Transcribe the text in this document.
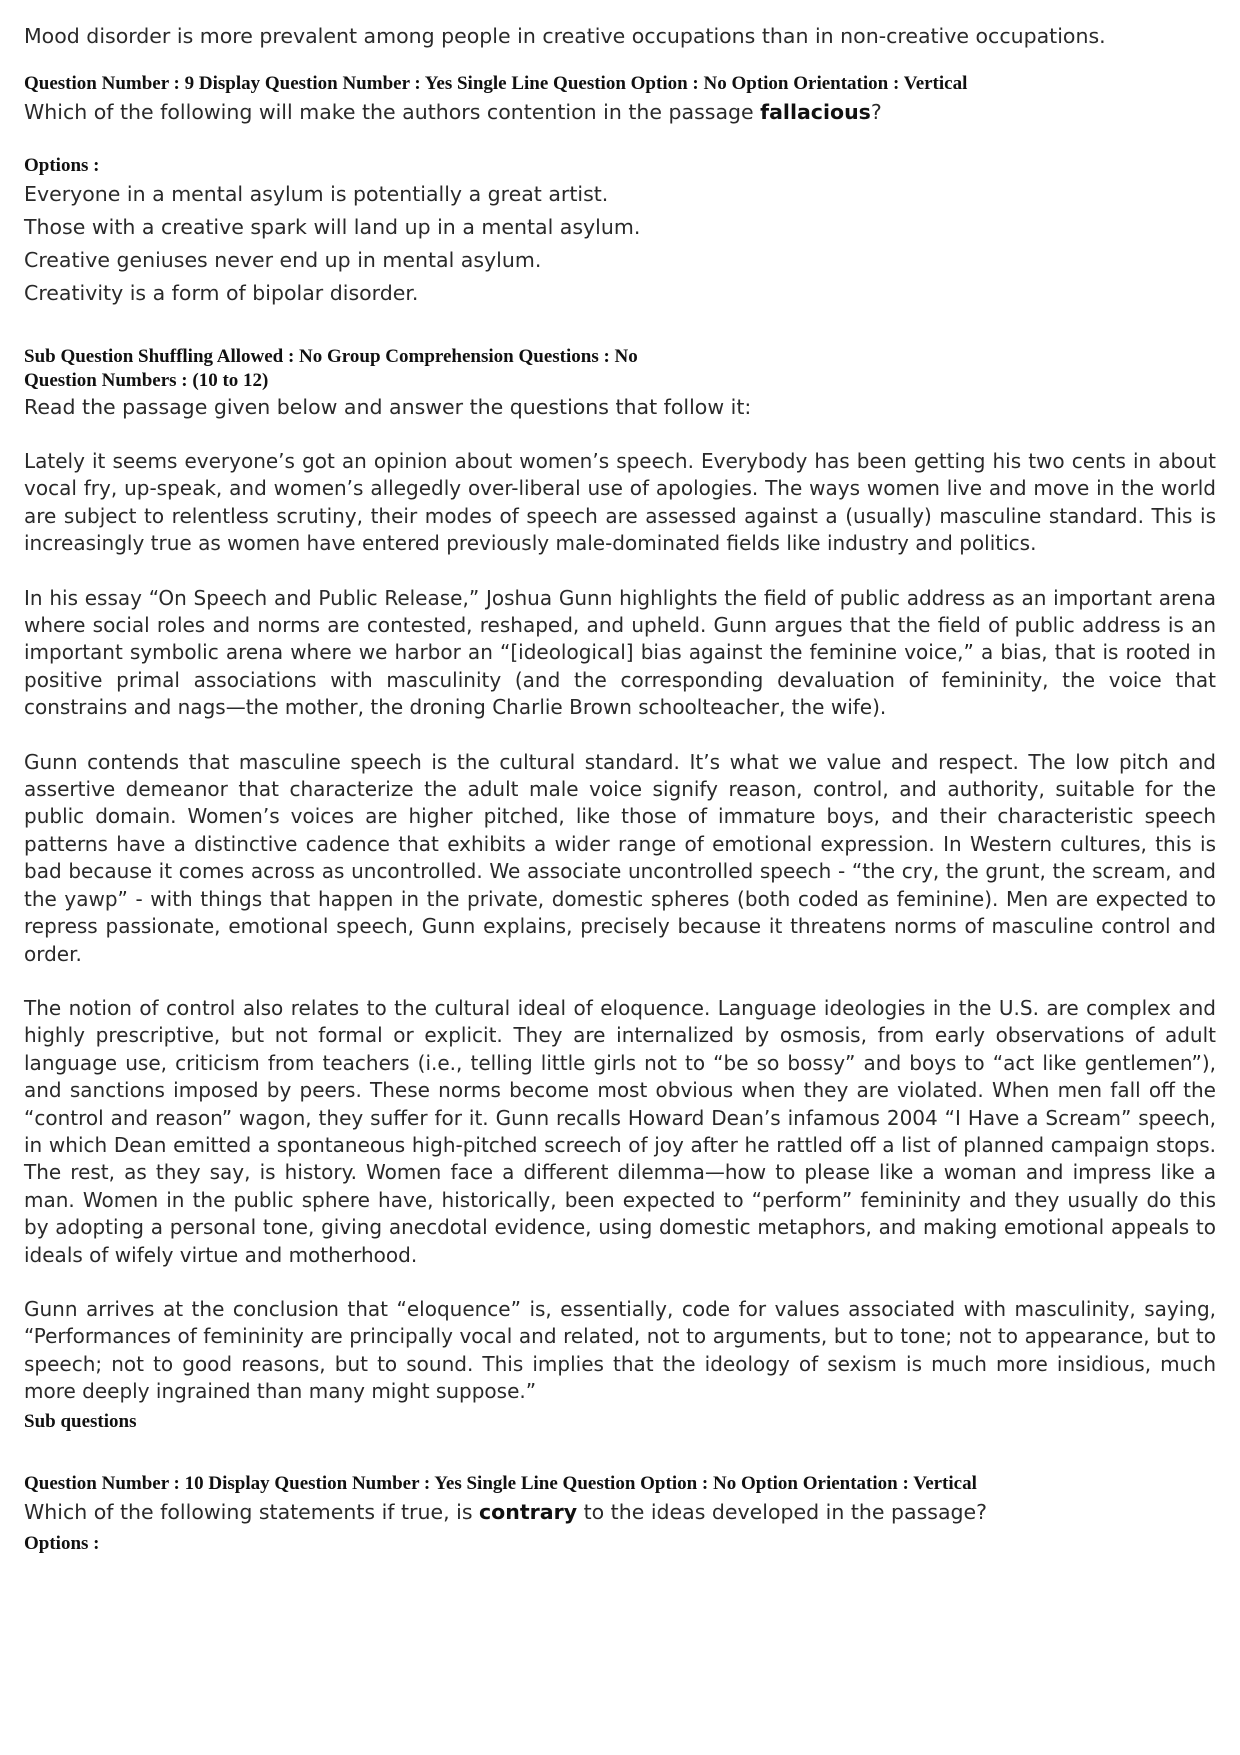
Mood disorder is more prevalent among people in creative occupations than in non-creative occupations.

Question Number : 9 Display Question Number : Yes Single Line Question Option : No Option Orientation : Vertical
Which of the following will make the authors contention in the passage fallacious?
Options :
Everyone in a mental asylum is potentially a great artist.
Those with a creative spark will land up in a mental asylum.
Creative geniuses never end up in mental asylum.
Creativity is a form of bipolar disorder.
Sub Question Shuffling Allowed : No Group Comprehension Questions : No
Question Numbers : (10 to 12)
Read the passage given below and answer the questions that follow it:

Lately it seems everyone’s got an opinion about women’s speech. Everybody has been getting his two cents in about vocal fry, up-speak, and women’s allegedly over-liberal use of apologies. The ways women live and move in the world are subject to relentless scrutiny, their modes of speech are assessed against a (usually) masculine standard. This is increasingly true as women have entered previously male-dominated fields like industry and politics.

In his essay “On Speech and Public Release,” Joshua Gunn highlights the field of public address as an important arena where social roles and norms are contested, reshaped, and upheld. Gunn argues that the field of public address is an important symbolic arena where we harbor an “[ideological] bias against the feminine voice,” a bias, that is rooted in positive primal associations with masculinity (and the corresponding devaluation of femininity, the voice that constrains and nags—the mother, the droning Charlie Brown schoolteacher, the wife).

Gunn contends that masculine speech is the cultural standard. It’s what we value and respect. The low pitch and assertive demeanor that characterize the adult male voice signify reason, control, and authority, suitable for the public domain. Women’s voices are higher pitched, like those of immature boys, and their characteristic speech patterns have a distinctive cadence that exhibits a wider range of emotional expression. In Western cultures, this is bad because it comes across as uncontrolled. We associate uncontrolled speech - “the cry, the grunt, the scream, and the yawp” - with things that happen in the private, domestic spheres (both coded as feminine). Men are expected to repress passionate, emotional speech, Gunn explains, precisely because it threatens norms of masculine control and order.

The notion of control also relates to the cultural ideal of eloquence. Language ideologies in the U.S. are complex and highly prescriptive, but not formal or explicit. They are internalized by osmosis, from early observations of adult language use, criticism from teachers (i.e., telling little girls not to “be so bossy” and boys to “act like gentlemen”), and sanctions imposed by peers. These norms become most obvious when they are violated. When men fall off the “control and reason” wagon, they suffer for it. Gunn recalls Howard Dean’s infamous 2004 “I Have a Scream” speech, in which Dean emitted a spontaneous high-pitched screech of joy after he rattled off a list of planned campaign stops. The rest, as they say, is history. Women face a different dilemma—how to please like a woman and impress like a man. Women in the public sphere have, historically, been expected to “perform” femininity and they usually do this by adopting a personal tone, giving anecdotal evidence, using domestic metaphors, and making emotional appeals to ideals of wifely virtue and motherhood.

Gunn arrives at the conclusion that “eloquence” is, essentially, code for values associated with masculinity, saying, “Performances of femininity are principally vocal and related, not to arguments, but to tone; not to appearance, but to speech; not to good reasons, but to sound. This implies that the ideology of sexism is much more insidious, much more deeply ingrained than many might suppose.”

Sub questions
Question Number : 10 Display Question Number : Yes Single Line Question Option : No Option Orientation : Vertical
Which of the following statements if true, is contrary to the ideas developed in the passage?
Options :
